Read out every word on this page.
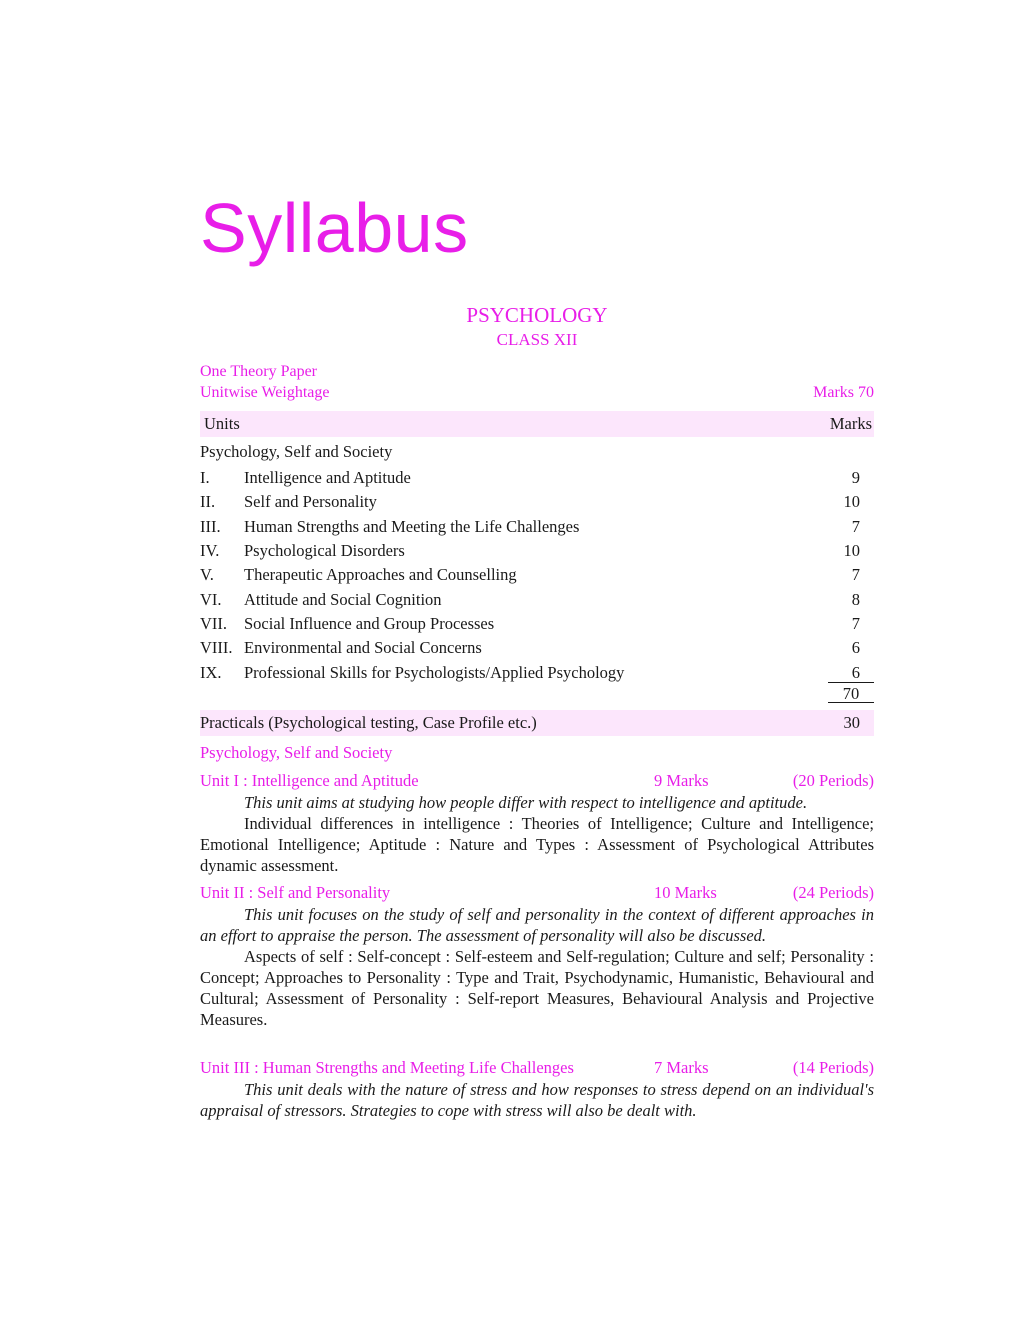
Syllabus
PSYCHOLOGY
CLASS XII
One Theory Paper
Unitwise Weightage	Marks 70
Units	Marks
Psychology, Self and Society
I.	Intelligence and Aptitude	9
II.	Self and Personality	10
III.	Human Strengths and Meeting the Life Challenges	7
IV.	Psychological Disorders	10
V.	Therapeutic Approaches and Counselling	7
VI.	Attitude and Social Cognition	8
VII.	Social Influence and Group Processes	7
VIII. Environmental and Social Concerns	6
IX.	Professional Skills for Psychologists/Applied Psychology	6
70
Practicals (Psychological testing, Case Profile etc.)	30
Psychology, Self and Society
Unit I : Intelligence and Aptitude	9 Marks	(20 Periods)

This unit aims at studying how people differ with respect to intelligence and aptitude.

Individual differences in intelligence : Theories of Intelligence; Culture and Intelligence; Emotional Intelligence; Aptitude : Nature and Types : Assessment of Psychological Attributes dynamic assessment.

Unit II : Self and Personality	10 Marks	(24 Periods)

This unit focuses on the study of self and personality in the context of different approaches in an effort to appraise the person. The assessment of personality will also be discussed.

Aspects of self : Self-concept : Self-esteem and Self-regulation; Culture and self; Personality : Concept; Approaches to Personality : Type and Trait, Psychodynamic, Humanistic, Behavioural and Cultural; Assessment of Personality : Self-report Measures, Behavioural Analysis and Projective Measures.

Unit III : Human Strengths and Meeting Life Challenges	7 Marks	(14 Periods)

This unit deals with the nature of stress and how responses to stress depend on an individual's appraisal of stressors. Strategies to cope with stress will also be dealt with.
